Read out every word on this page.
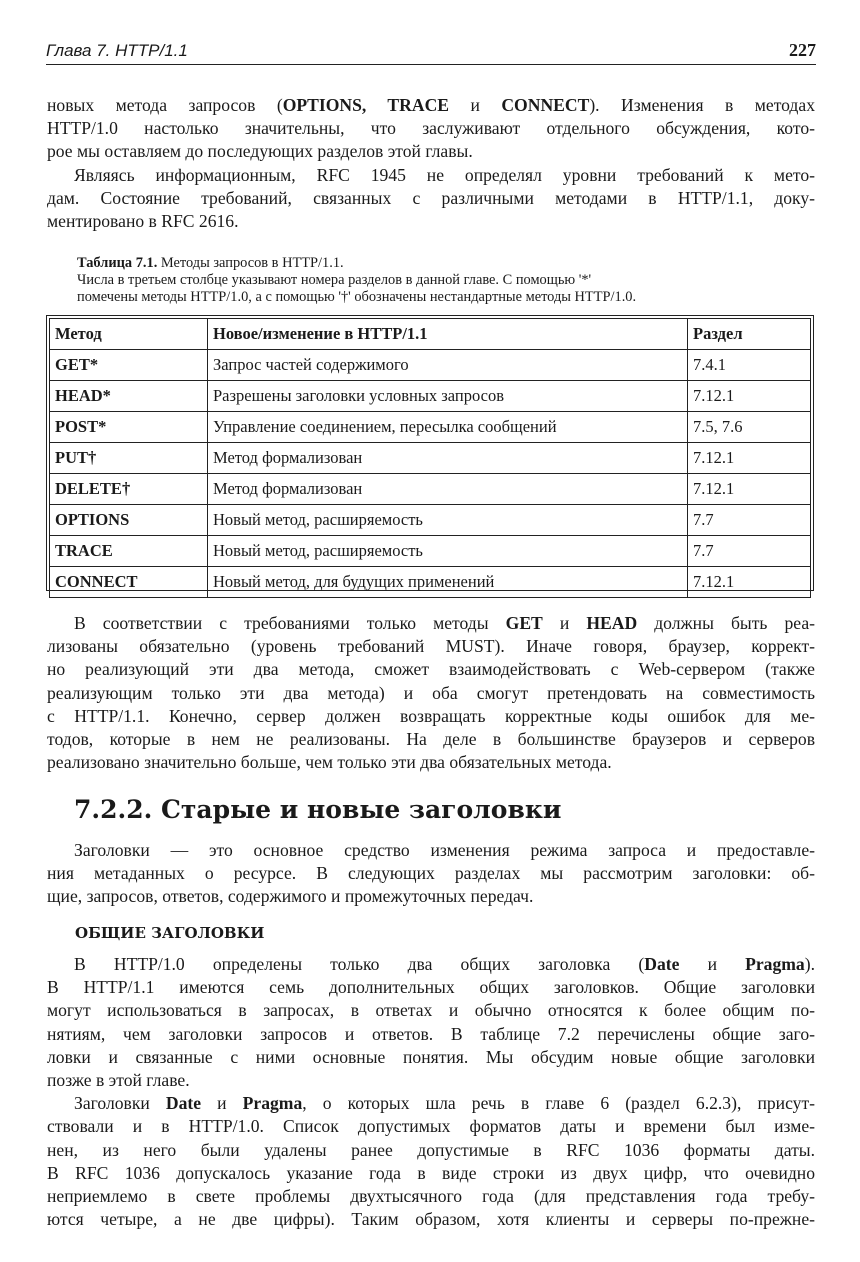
Глава 7. HTTP/1.1	227
новых метода запросов (OPTIONS, TRACE и CONNECT). Изменения в методах
HTTP/1.0 настолько значительны, что заслуживают отдельного обсуждения, кото-
рое мы оставляем до последующих разделов этой главы.
Являясь информационным, RFC 1945 не определял уровни требований к мето-
дам. Состояние требований, связанных с различными методами в HTTP/1.1, доку-
ментировано в RFC 2616.
Таблица 7.1. Методы запросов в HTTP/1.1.
Числа в третьем столбце указывают номера разделов в данной главе. С помощью '*'
помечены методы HTTP/1.0, а с помощью '†' обозначены нестандартные методы HTTP/1.0.
Метод	Новое/изменение в HTTP/1.1	Раздел
GET*	Запрос частей содержимого	7.4.1
HEAD*	Разрешены заголовки условных запросов	7.12.1
POST*	Управление соединением, пересылка сообщений	7.5, 7.6
PUT†	Метод формализован	7.12.1
DELETE†	Метод формализован	7.12.1
OPTIONS	Новый метод, расширяемость	7.7
TRACE	Новый метод, расширяемость	7.7
CONNECT	Новый метод, для будущих применений	7.12.1
В соответствии с требованиями только методы GET и HEAD должны быть реа-
лизованы обязательно (уровень требований MUST). Иначе говоря, браузер, коррект-
но реализующий эти два метода, сможет взаимодействовать с Web-сервером (также
реализующим только эти два метода) и оба смогут претендовать на совместимость
с HTTP/1.1. Конечно, сервер должен возвращать корректные коды ошибок для ме-
тодов, которые в нем не реализованы. На деле в большинстве браузеров и серверов
реализовано значительно больше, чем только эти два обязательных метода.
7.2.2. Старые и новые заголовки
Заголовки — это основное средство изменения режима запроса и предоставле-
ния метаданных о ресурсе. В следующих разделах мы рассмотрим заголовки: об-
щие, запросов, ответов, содержимого и промежуточных передач.
ОБЩИЕ ЗАГОЛОВКИ
В HTTP/1.0 определены только два общих заголовка (Date и Pragma).
В HTTP/1.1 имеются семь дополнительных общих заголовков. Общие заголовки
могут использоваться в запросах, в ответах и обычно относятся к более общим по-
нятиям, чем заголовки запросов и ответов. В таблице 7.2 перечислены общие заго-
ловки и связанные с ними основные понятия. Мы обсудим новые общие заголовки
позже в этой главе.
Заголовки Date и Pragma, о которых шла речь в главе 6 (раздел 6.2.3), присут-
ствовали и в HTTP/1.0. Список допустимых форматов даты и времени был изме-
нен, из него были удалены ранее допустимые в RFC 1036 форматы даты.
В RFC 1036 допускалось указание года в виде строки из двух цифр, что очевидно
неприемлемо в свете проблемы двухтысячного года (для представления года требу-
ются четыре, а не две цифры). Таким образом, хотя клиенты и серверы по-прежне-
